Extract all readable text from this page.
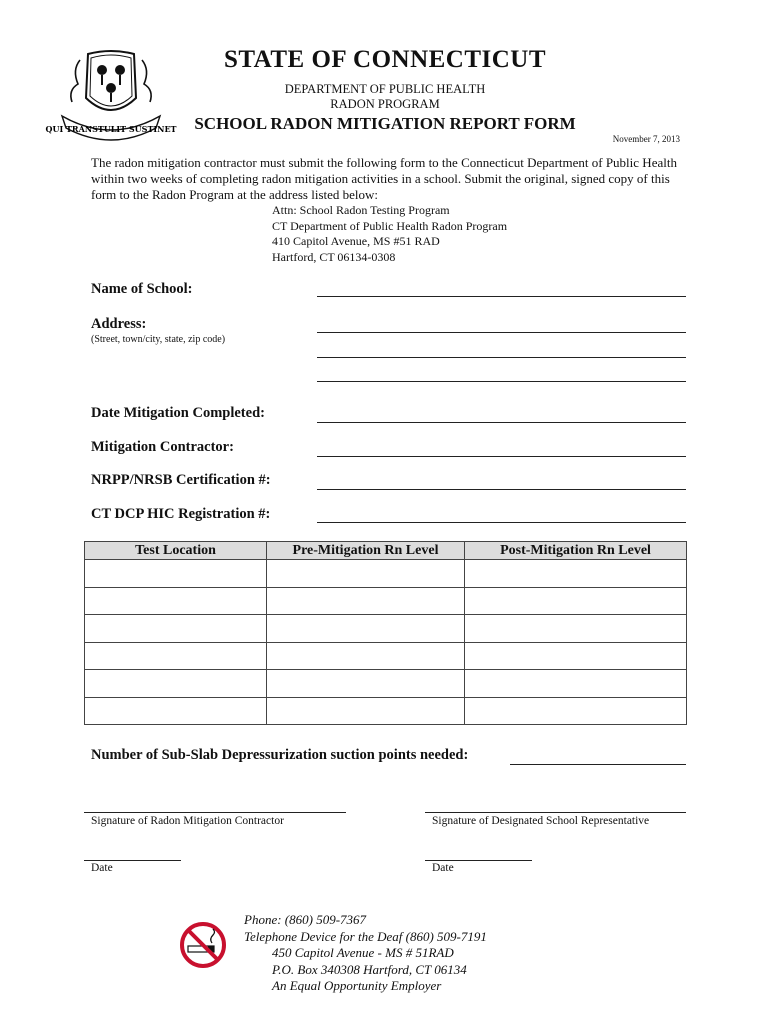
QUI TRANSTULIT SUSTINET
STATE OF CONNECTICUT
DEPARTMENT OF PUBLIC HEALTH
RADON PROGRAM
SCHOOL RADON MITIGATION REPORT FORM
November 7, 2013
The radon mitigation contractor must submit the following form to the Connecticut Department of Public Health within two weeks of completing radon mitigation activities in a school. Submit the original, signed copy of this form to the Radon Program at the address listed below:
Attn: School Radon Testing Program
CT Department of Public Health Radon Program
410 Capitol Avenue, MS #51 RAD
Hartford, CT 06134-0308
Name of School:
Address:
(Street, town/city, state, zip code)
Date Mitigation Completed:
Mitigation Contractor:
NRPP/NRSB Certification #:
CT DCP HIC Registration #:
Test Location	Pre-Mitigation Rn Level	Post-Mitigation Rn Level

Number of Sub-Slab Depressurization suction points needed:
Signature of Radon Mitigation Contractor	Signature of Designated School Representative
Date	Date
Phone: (860) 509-7367
Telephone Device for the Deaf (860) 509-7191
450 Capitol Avenue - MS # 51RAD
P.O. Box 340308 Hartford, CT 06134
An Equal Opportunity Employer
